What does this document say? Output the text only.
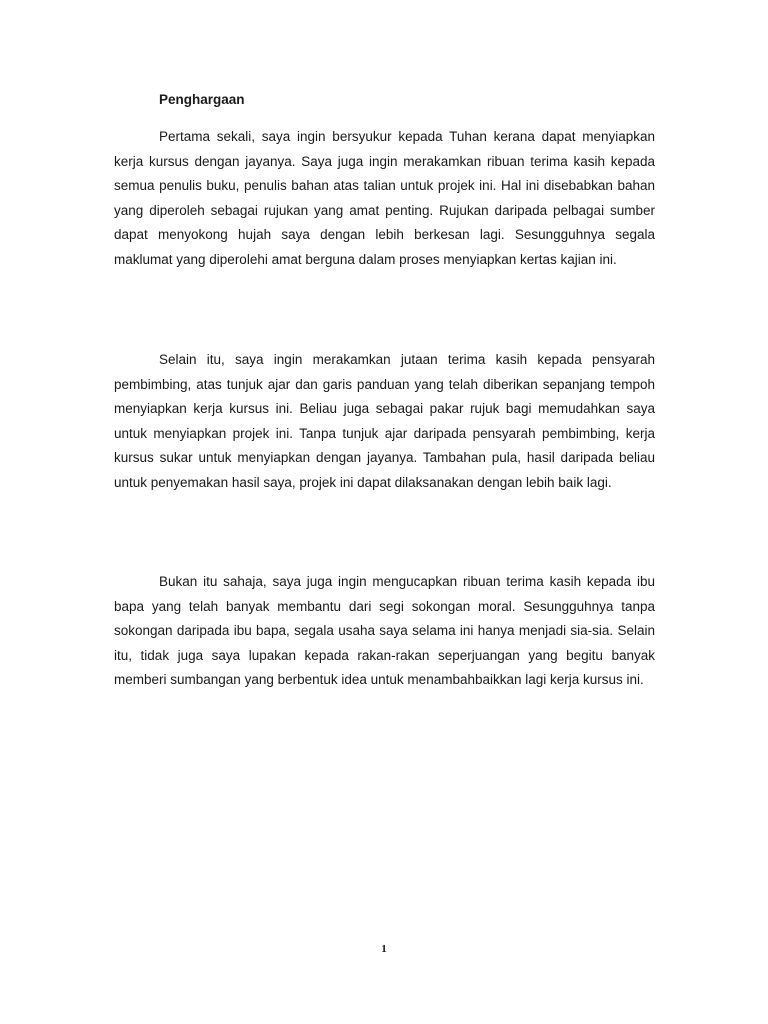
Penghargaan

Pertama sekali, saya ingin bersyukur kepada Tuhan kerana dapat menyiapkan kerja kursus dengan jayanya. Saya juga ingin merakamkan ribuan terima kasih kepada semua penulis buku, penulis bahan atas talian untuk projek ini. Hal ini disebabkan bahan yang diperoleh sebagai rujukan yang amat penting. Rujukan daripada pelbagai sumber dapat menyokong hujah saya dengan lebih berkesan lagi. Sesungguhnya segala maklumat yang diperolehi amat berguna dalam proses menyiapkan kertas kajian ini.

Selain itu, saya ingin merakamkan jutaan terima kasih kepada pensyarah pembimbing, atas tunjuk ajar dan garis panduan yang telah diberikan sepanjang tempoh menyiapkan kerja kursus ini. Beliau juga sebagai pakar rujuk bagi memudahkan saya untuk menyiapkan projek ini. Tanpa tunjuk ajar daripada pensyarah pembimbing, kerja kursus sukar untuk menyiapkan dengan jayanya. Tambahan pula, hasil daripada beliau untuk penyemakan hasil saya, projek ini dapat dilaksanakan dengan lebih baik lagi.

Bukan itu sahaja, saya juga ingin mengucapkan ribuan terima kasih kepada ibu bapa yang telah banyak membantu dari segi sokongan moral. Sesungguhnya tanpa sokongan daripada ibu bapa, segala usaha saya selama ini hanya menjadi sia-sia. Selain itu, tidak juga saya lupakan kepada rakan-rakan seperjuangan yang begitu banyak memberi sumbangan yang berbentuk idea untuk menambahbaikkan lagi kerja kursus ini.

1
